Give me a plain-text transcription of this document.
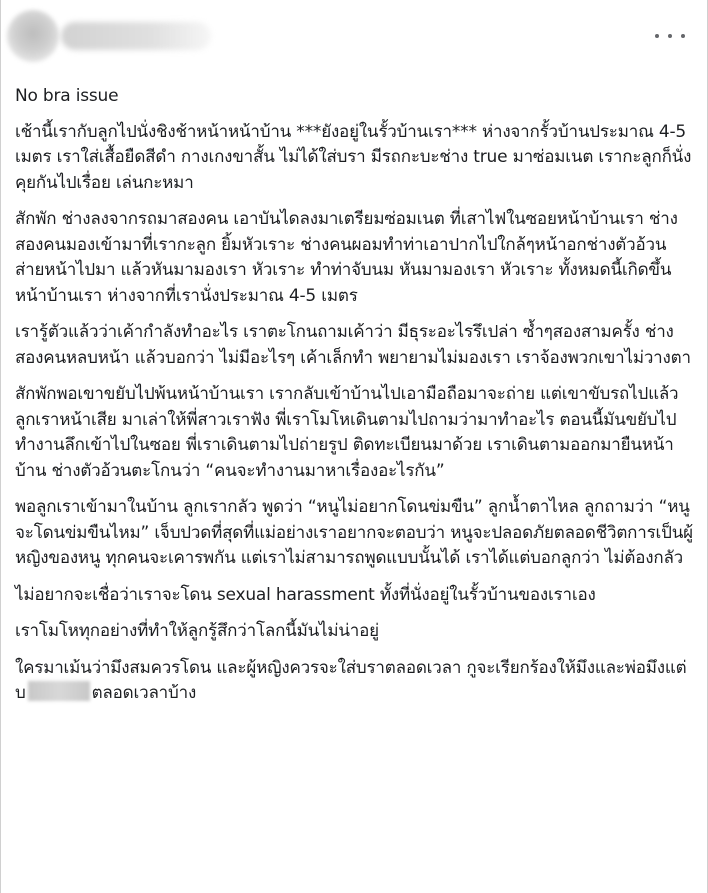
No bra issue

เช้านี้เรากับลูกไปนั่งชิงช้าหน้าหน้าบ้าน ***ยังอยู่ในรั้วบ้านเรา*** ห่างจากรั้วบ้านประมาณ 4-5 เมตร เราใส่เสื้อยืดสีดำ กางเกงขาสั้น ไม่ได้ใส่บรา มีรถกะบะช่าง true มาซ่อมเนต เรากะลูกก็นั่งคุยกันไปเรื่อย เล่นกะหมา

สักพัก ช่างลงจากรถมาสองคน เอาบันไดลงมาเตรียมซ่อมเนต ที่เสาไฟในซอยหน้าบ้านเรา ช่างสองคนมองเข้ามาที่เรากะลูก ยิ้มหัวเราะ ช่างคนผอมทำท่าเอาปากไปใกล้ๆหน้าอกช่างตัวอ้วน ส่ายหน้าไปมา แล้วหันมามองเรา หัวเราะ ทำท่าจับนม หันมามองเรา หัวเราะ ทั้งหมดนี้เกิดขึ้นหน้าบ้านเรา ห่างจากที่เรานั่งประมาณ 4-5 เมตร

เรารู้ตัวแล้วว่าเค้ากำลังทำอะไร เราตะโกนถามเค้าว่า มีธุระอะไรรึเปล่า ซ้ำๆสองสามครั้ง ช่างสองคนหลบหน้า แล้วบอกว่า ไม่มีอะไรๆ เค้าเล็กทำ พยายามไม่มองเรา เราจ้องพวกเขาไม่วางตา

สักพักพอเขาขยับไปพ้นหน้าบ้านเรา เรากลับเข้าบ้านไปเอามือถือมาจะถ่าย แต่เขาขับรถไปแล้ว ลูกเราหน้าเสีย มาเล่าให้พี่สาวเราฟัง พี่เราโมโหเดินตามไปถามว่ามาทำอะไร ตอนนี้มันขยับไปทำงานลึกเข้าไปในซอย พี่เราเดินตามไปถ่ายรูป ติดทะเบียนมาด้วย เราเดินตามออกมายืนหน้าบ้าน ช่างตัวอ้วนตะโกนว่า “คนจะทำงานมาหาเรื่องอะไรกัน”

พอลูกเราเข้ามาในบ้าน ลูกเรากลัว พูดว่า “หนูไม่อยากโดนข่มขืน” ลูกน้ำตาไหล ลูกถามว่า “หนูจะโดนข่มขืนไหม” เจ็บปวดที่สุดที่แม่อย่างเราอยากจะตอบว่า หนูจะปลอดภัยตลอดชีวิตการเป็นผู้หญิงของหนู ทุกคนจะเคารพกัน แต่เราไม่สามารถพูดแบบนั้นได้ เราได้แต่บอกลูกว่า ไม่ต้องกลัว

ไม่อยากจะเชื่อว่าเราจะโดน sexual harassment ทั้งที่นั่งอยู่ในรั้วบ้านของเราเอง

เราโมโหทุกอย่างที่ทำให้ลูกรู้สึกว่าโลกนี้มันไม่น่าอยู่

ใครมาเม้นว่ามึงสมควรโดน และผู้หญิงควรจะใส่บราตลอดเวลา กูจะเรียกร้องให้มึงและพ่อมึงแต่บ	ตลอดเวลาบ้าง
